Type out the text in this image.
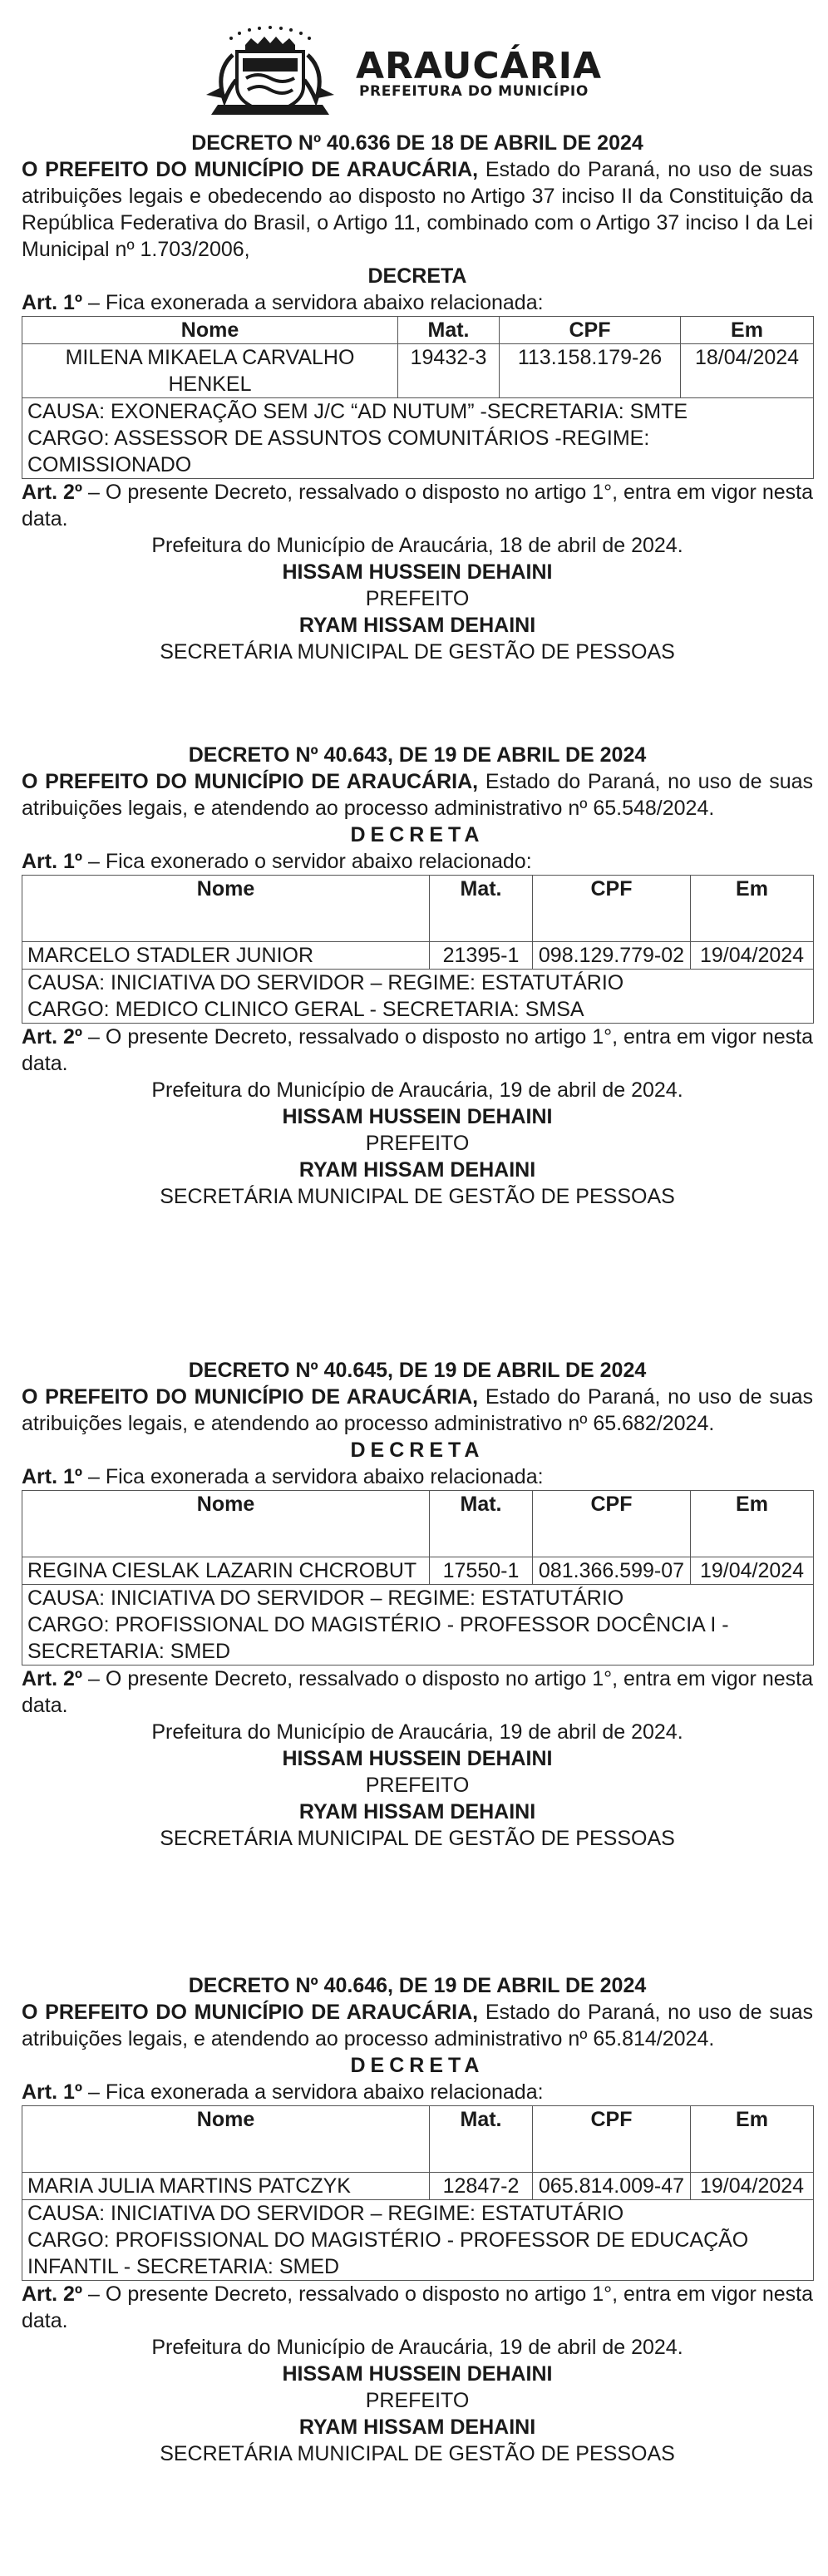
ARAUCÁRIA
PREFEITURA DO MUNICÍPIO
DECRETO Nº 40.636 DE 18 DE ABRIL DE 2024
O PREFEITO DO MUNICÍPIO DE ARAUCÁRIA, Estado do Paraná, no uso de suas atribuições legais e obedecendo ao disposto no Artigo 37 inciso II da Constituição da República Federativa do Brasil, o Artigo 11, combinado com o Artigo 37 inciso I da Lei Municipal nº 1.703/2006,
DECRETA
Art. 1º – Fica exonerada a servidora abaixo relacionada:
Nome	Mat.	CPF	Em
MILENA MIKAELA CARVALHO HENKEL	19432-3	113.158.179-26	18/04/2024

CAUSA: EXONERAÇÃO SEM J/C “AD NUTUM” -SECRETARIA: SMTE
CARGO: ASSESSOR DE ASSUNTOS COMUNITÁRIOS -REGIME: COMISSIONADO			
Art. 2º – O presente Decreto, ressalvado o disposto no artigo 1°, entra em vigor nesta data.
Prefeitura do Município de Araucária, 18 de abril de 2024.
HISSAM HUSSEIN DEHAINI
PREFEITO
RYAM HISSAM DEHAINI
SECRETÁRIA MUNICIPAL DE GESTÃO DE PESSOAS
DECRETO Nº 40.643, DE 19 DE ABRIL DE 2024
O PREFEITO DO MUNICÍPIO DE ARAUCÁRIA, Estado do Paraná, no uso de suas atribuições legais, e atendendo ao processo administrativo nº 65.548/2024.
DECRETA
Art. 1º – Fica exonerado o servidor abaixo relacionado:
Nome	Mat.	CPF	Em
MARCELO STADLER JUNIOR	21395-1	098.129.779-02	19/04/2024

CAUSA: INICIATIVA DO SERVIDOR – REGIME: ESTATUTÁRIO
CARGO: MEDICO CLINICO GERAL - SECRETARIA: SMSA			
Art. 2º – O presente Decreto, ressalvado o disposto no artigo 1°, entra em vigor nesta data.
Prefeitura do Município de Araucária, 19 de abril de 2024.
HISSAM HUSSEIN DEHAINI
PREFEITO
RYAM HISSAM DEHAINI
SECRETÁRIA MUNICIPAL DE GESTÃO DE PESSOAS
DECRETO Nº 40.645, DE 19 DE ABRIL DE 2024
O PREFEITO DO MUNICÍPIO DE ARAUCÁRIA, Estado do Paraná, no uso de suas atribuições legais, e atendendo ao processo administrativo nº 65.682/2024.
DECRETA
Art. 1º – Fica exonerada a servidora abaixo relacionada:
Nome	Mat.	CPF	Em
REGINA CIESLAK LAZARIN CHCROBUT	17550-1	081.366.599-07	19/04/2024

CAUSA: INICIATIVA DO SERVIDOR – REGIME: ESTATUTÁRIO
CARGO: PROFISSIONAL DO MAGISTÉRIO - PROFESSOR DOCÊNCIA I - SECRETARIA: SMED			
Art. 2º – O presente Decreto, ressalvado o disposto no artigo 1°, entra em vigor nesta data.
Prefeitura do Município de Araucária, 19 de abril de 2024.
HISSAM HUSSEIN DEHAINI
PREFEITO
RYAM HISSAM DEHAINI
SECRETÁRIA MUNICIPAL DE GESTÃO DE PESSOAS
DECRETO Nº 40.646, DE 19 DE ABRIL DE 2024
O PREFEITO DO MUNICÍPIO DE ARAUCÁRIA, Estado do Paraná, no uso de suas atribuições legais, e atendendo ao processo administrativo nº 65.814/2024.
DECRETA
Art. 1º – Fica exonerada a servidora abaixo relacionada:
Nome	Mat.	CPF	Em
MARIA JULIA MARTINS PATCZYK	12847-2	065.814.009-47	19/04/2024

CAUSA: INICIATIVA DO SERVIDOR – REGIME: ESTATUTÁRIO
CARGO: PROFISSIONAL DO MAGISTÉRIO - PROFESSOR DE EDUCAÇÃO INFANTIL - SECRETARIA: SMED			
Art. 2º – O presente Decreto, ressalvado o disposto no artigo 1°, entra em vigor nesta data.
Prefeitura do Município de Araucária, 19 de abril de 2024.
HISSAM HUSSEIN DEHAINI
PREFEITO
RYAM HISSAM DEHAINI
SECRETÁRIA MUNICIPAL DE GESTÃO DE PESSOAS
